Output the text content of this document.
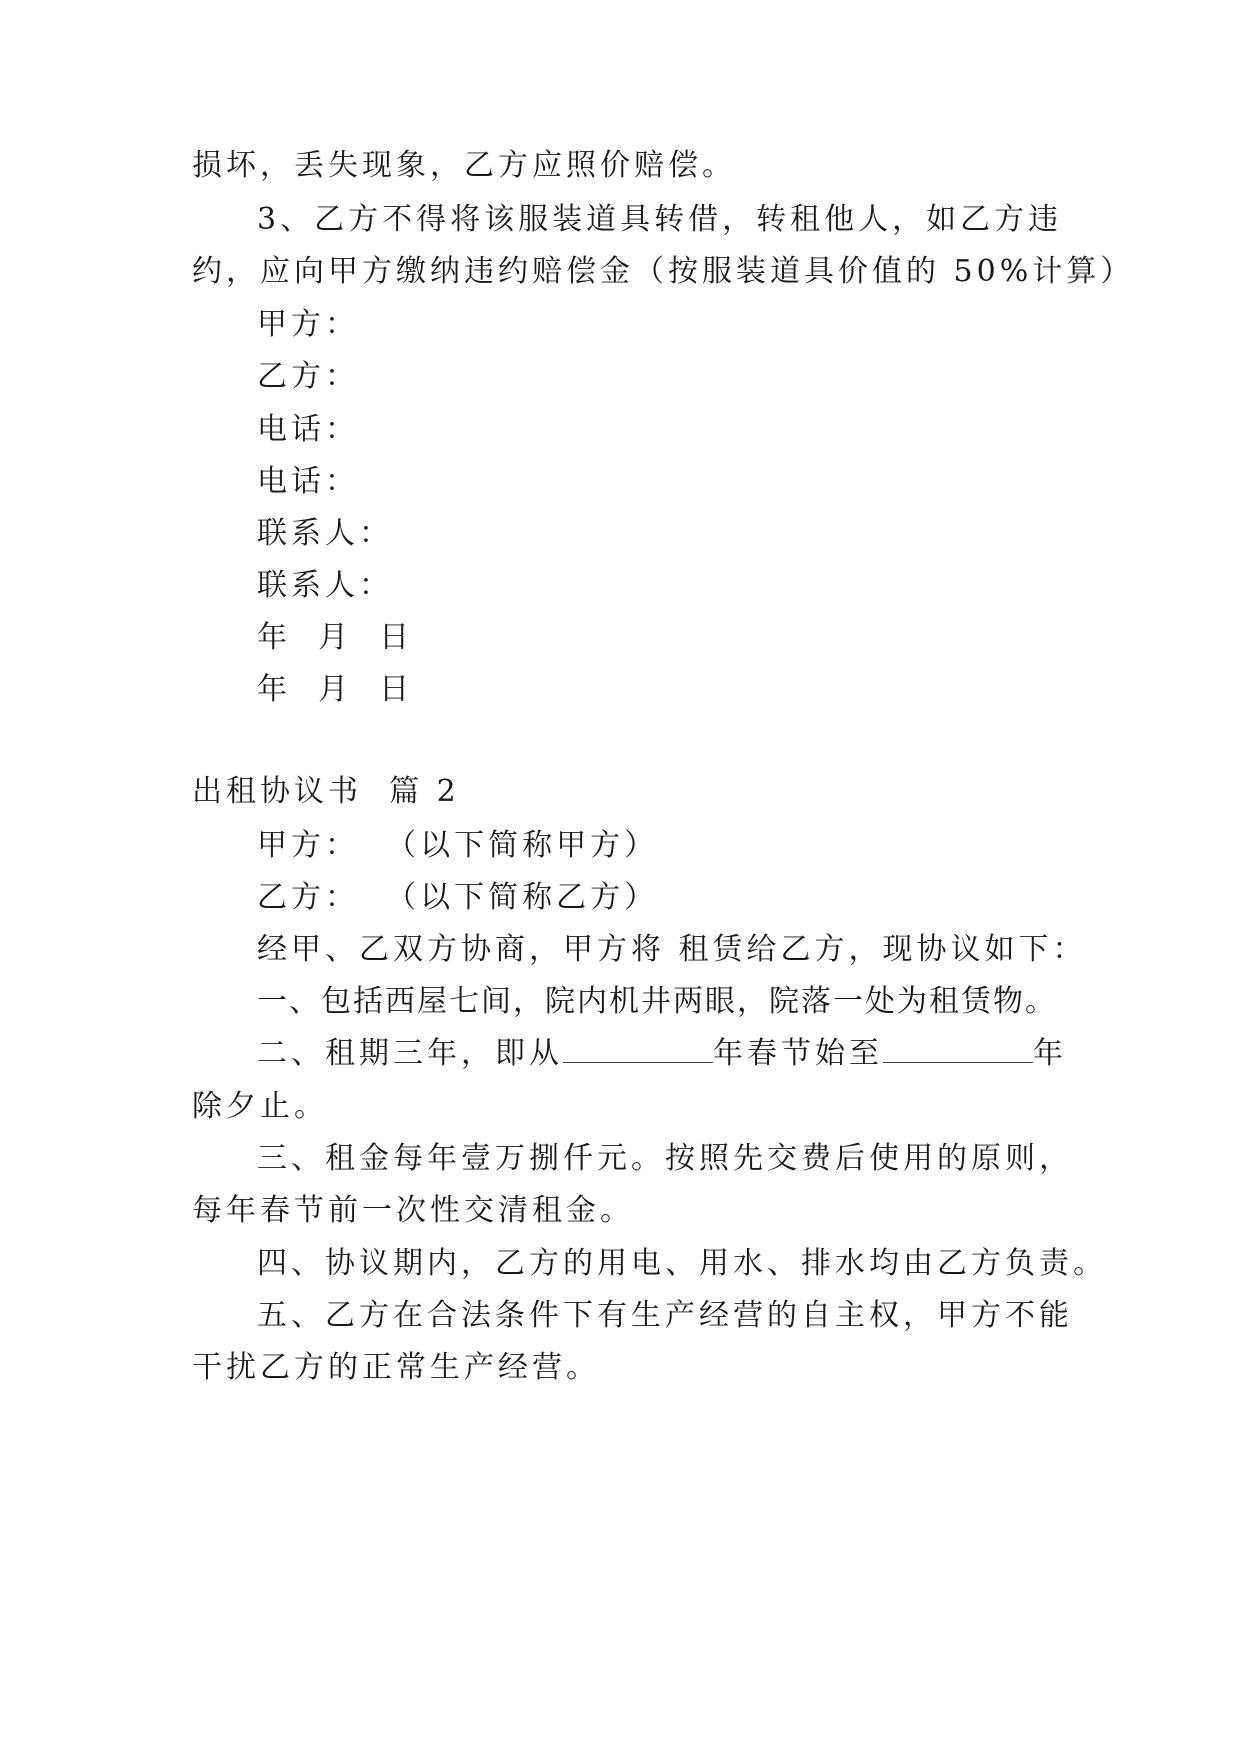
损坏，丢失现象，乙方应照价赔偿。
3、乙方不得将该服装道具转借，转租他人，如乙方违
约，应向甲方缴纳违约赔偿金（按服装道具价值的 50%计算）
甲方：
乙方：
电话：
电话：
联系人：
联系人：
年  月  日
年  月  日
出租协议书  篇 2
甲方：  （以下简称甲方）
乙方：  （以下简称乙方）
经甲、乙双方协商，甲方将 租赁给乙方，现协议如下：
一、包括西屋七间，院内机井两眼，院落一处为租赁物。
二、租期三年，即从	年春节始至	年
除夕止。
三、租金每年壹万捌仟元。按照先交费后使用的原则，
每年春节前一次性交清租金。
四、协议期内，乙方的用电、用水、排水均由乙方负责。
五、乙方在合法条件下有生产经营的自主权，甲方不能
干扰乙方的正常生产经营。
